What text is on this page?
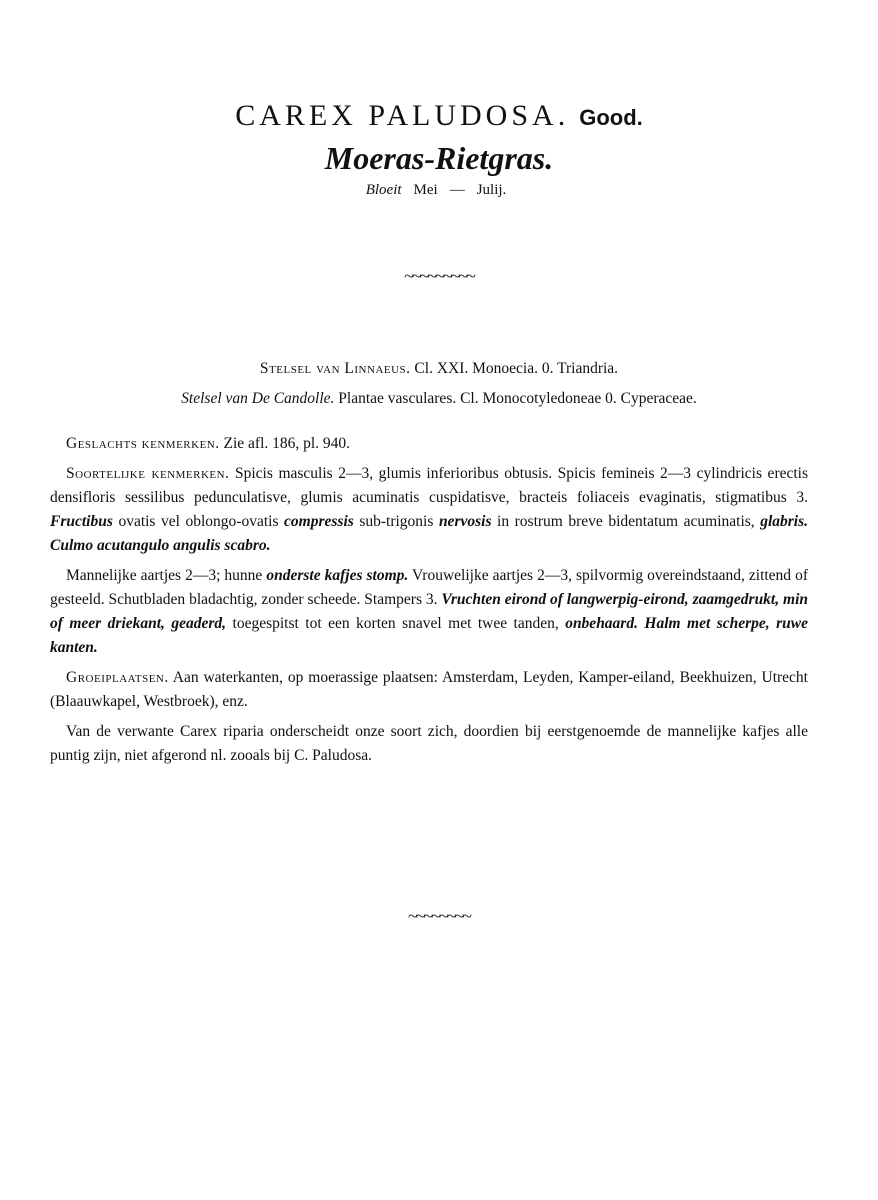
CAREX PALUDOSA. Good.
Moeras-Rietgras.
Bloeit Mei — Julij.
~~~~~~~~~
Stelsel van Linnaeus. Cl. XXI. Monoecia. 0. Triandria.
Stelsel van De Candolle. Plantae vasculares. Cl. Monocotyledoneae 0. Cyperaceae.

Geslachts kenmerken. Zie afl. 186, pl. 940.

Soortelijke kenmerken. Spicis masculis 2—3, glumis inferioribus obtusis. Spicis femineis 2—3 cylindricis erectis densifloris sessilibus pedunculatisve, glumis acuminatis cuspidatisve, bracteis foliaceis evaginatis, stigmatibus 3. Fructibus ovatis vel oblongo-ovatis compressis sub-trigonis nervosis in rostrum breve bidentatum acuminatis, glabris. Culmo acutangulo angulis scabro.

Mannelijke aartjes 2—3; hunne onderste kafjes stomp. Vrouwelijke aartjes 2—3, spilvormig overeindstaand, zittend of gesteeld. Schutbladen bladachtig, zonder scheede. Stampers 3. Vruchten eirond of langwerpig-eirond, zaamgedrukt, min of meer driekant, geaderd, toegespitst tot een korten snavel met twee tanden, onbehaard. Halm met scherpe, ruwe kanten.

Groeiplaatsen. Aan waterkanten, op moerassige plaatsen: Amsterdam, Leyden, Kamper-eiland, Beekhuizen, Utrecht (Blaauwkapel, Westbroek), enz.

Van de verwante Carex riparia onderscheidt onze soort zich, doordien bij eerstgenoemde de mannelijke kafjes alle puntig zijn, niet afgerond nl. zooals bij C. Paludosa.

~~~~~~~~
